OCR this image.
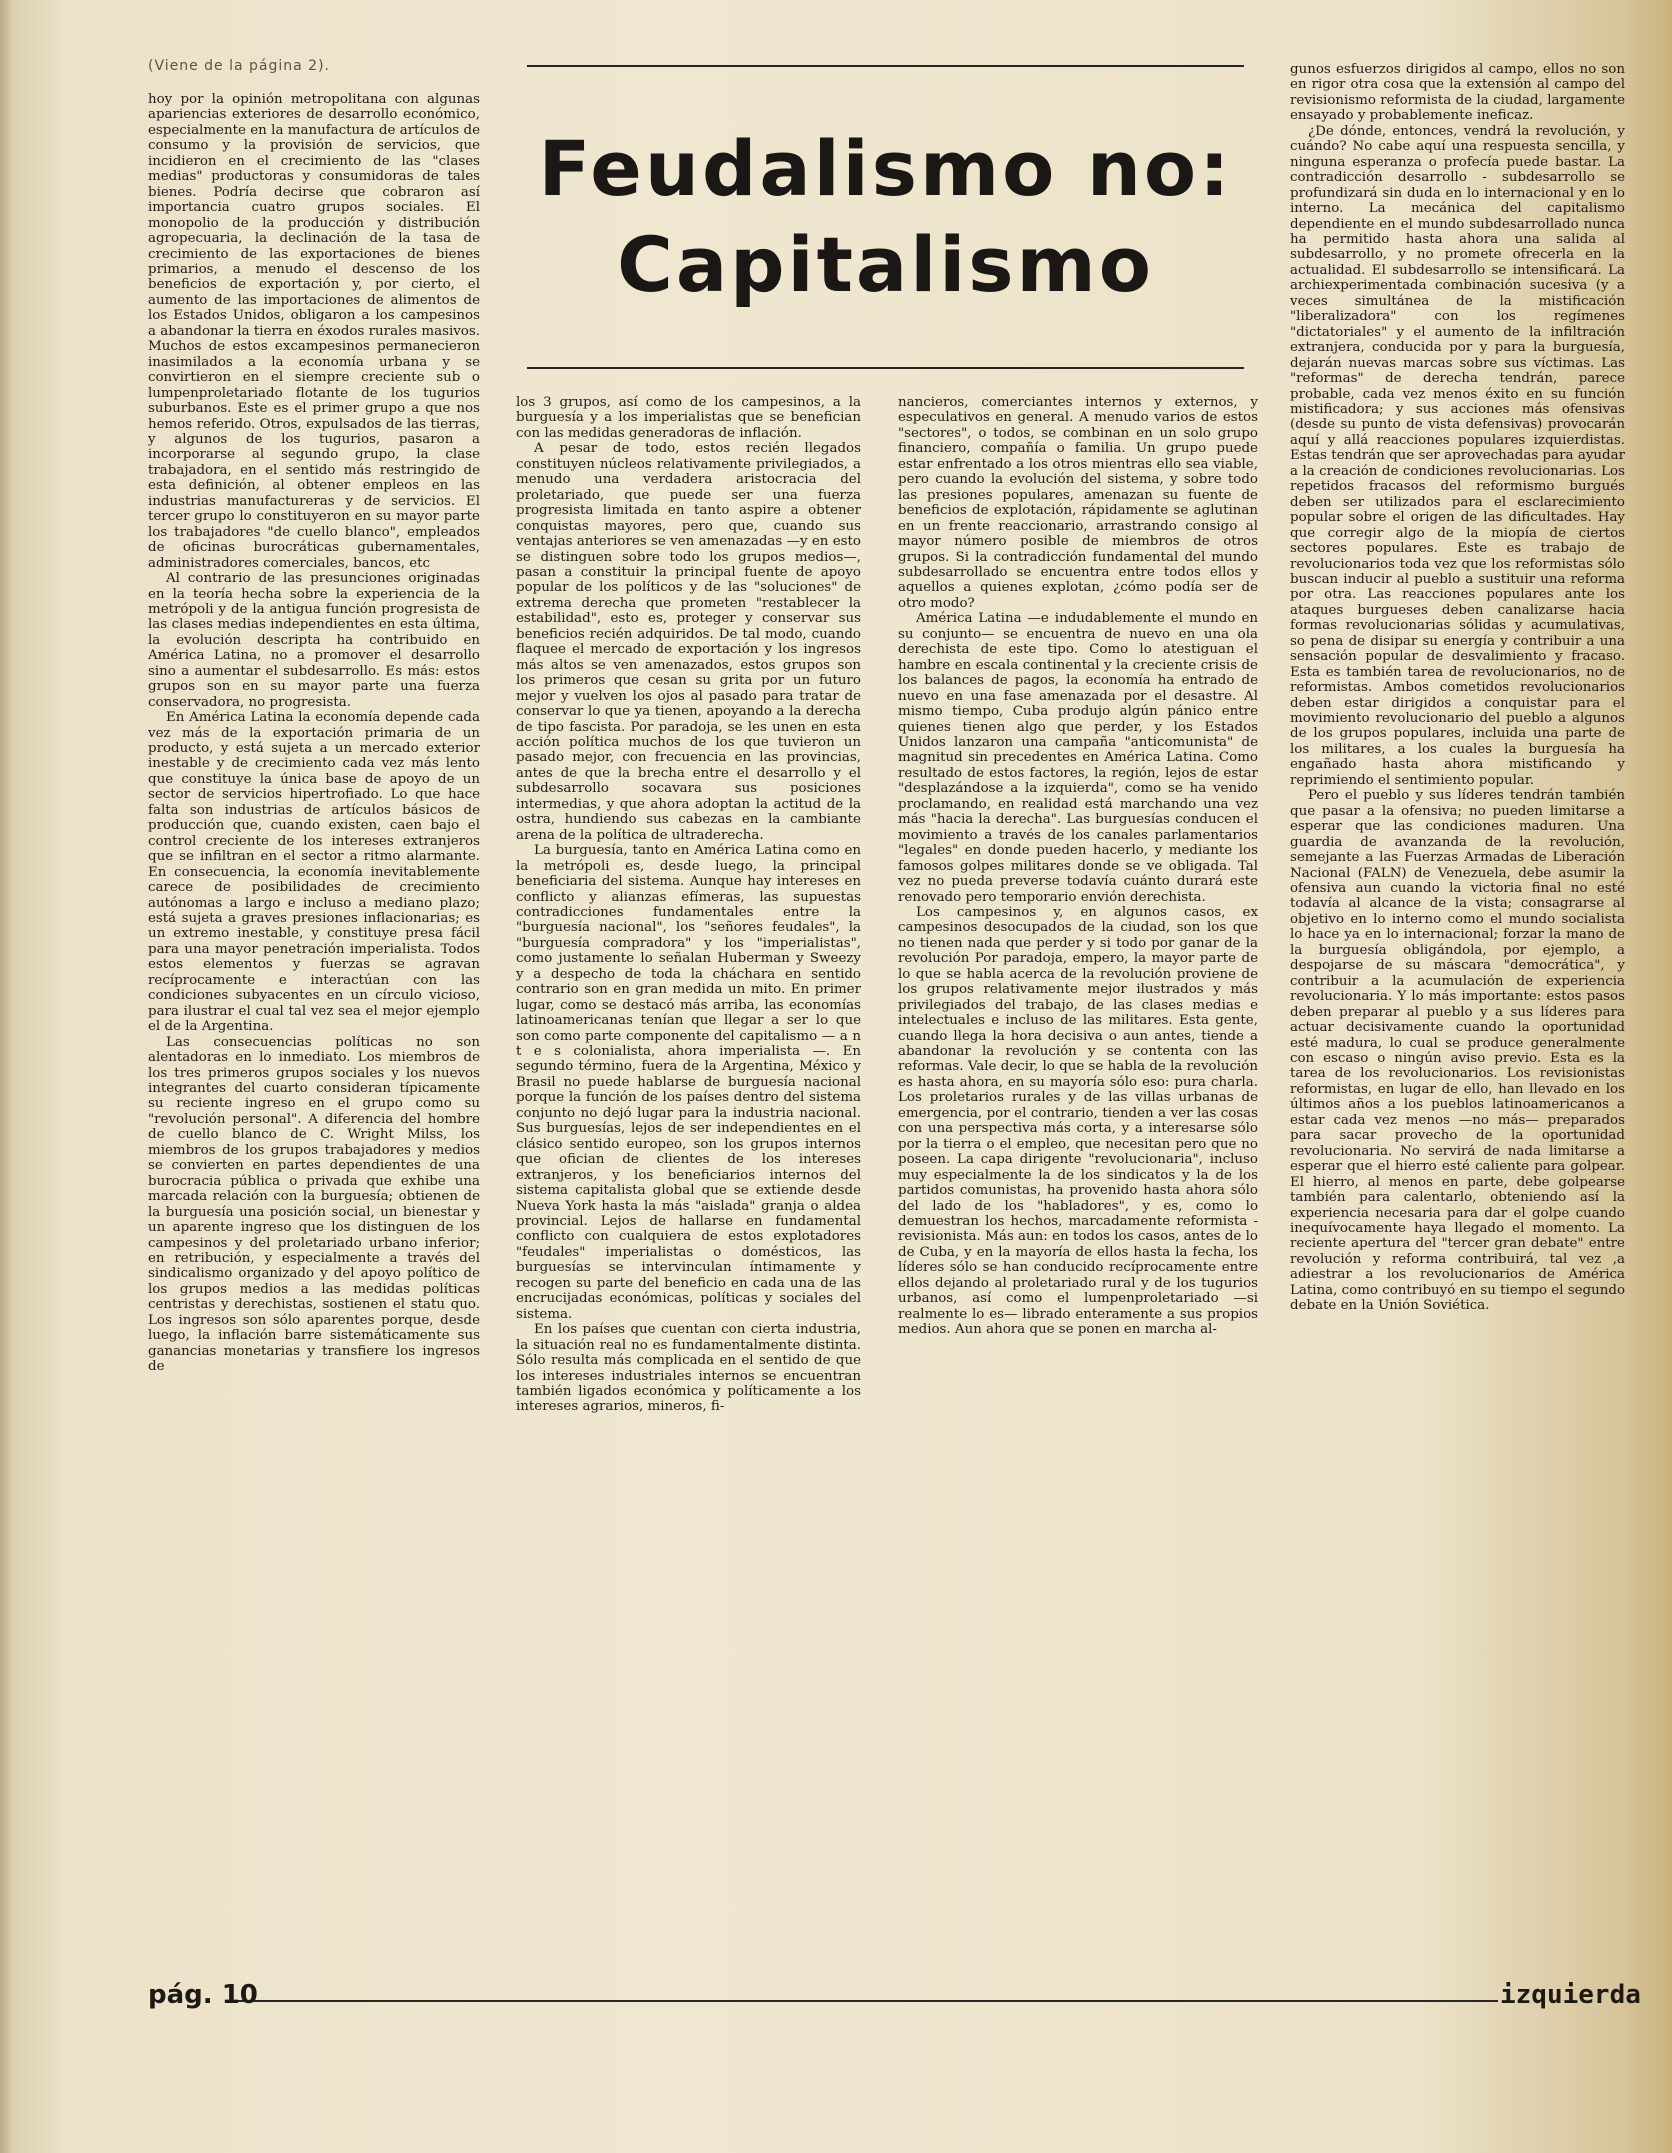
(Viene de la página 2).
Feudalismo no:
Capitalismo

hoy por la opinión metropolitana con algunas apariencias exteriores de desarrollo económico, especialmente en la manufactura de artículos de consumo y la provisión de servicios, que incidieron en el crecimiento de las "clases medias" productoras y consumidoras de tales bienes. Podría decirse que cobraron así importancia cuatro grupos sociales. El monopolio de la producción y distribución agropecuaria, la declinación de la tasa de crecimiento de las exportaciones de bienes primarios, a menudo el descenso de los beneficios de exportación y, por cierto, el aumento de las importaciones de alimentos de los Estados Unidos, obligaron a los campesinos a abandonar la tierra en éxodos rurales masivos. Muchos de estos excampesinos permanecieron inasimilados a la economía urbana y se convirtieron en el siempre creciente sub o lumpenproletariado flotante de los tugurios suburbanos. Este es el primer grupo a que nos hemos referido. Otros, expulsados de las tierras, y algunos de los tugurios, pasaron a incorporarse al segundo grupo, la clase trabajadora, en el sentido más restringido de esta definición, al obtener empleos en las industrias manufactureras y de servicios. El tercer grupo lo constituyeron en su mayor parte los trabajadores "de cuello blanco", empleados de oficinas burocráticas gubernamentales, administradores comerciales, bancos, etc

Al contrario de las presunciones originadas en la teoría hecha sobre la experiencia de la metrópoli y de la antigua función progresista de las clases medias independientes en esta última, la evolución descripta ha contribuido en América Latina, no a promover el desarrollo sino a aumentar el subdesarrollo. Es más: estos grupos son en su mayor parte una fuerza conservadora, no progresista.

En América Latina la economía depende cada vez más de la exportación primaria de un producto, y está sujeta a un mercado exterior inestable y de crecimiento cada vez más lento que constituye la única base de apoyo de un sector de servicios hipertrofiado. Lo que hace falta son industrias de artículos básicos de producción que, cuando existen, caen bajo el control creciente de los intereses extranjeros que se infiltran en el sector a ritmo alarmante. En consecuencia, la economía inevitablemente carece de posibilidades de crecimiento autónomas a largo e incluso a mediano plazo; está sujeta a graves presiones inflacionarias; es un extremo inestable, y constituye presa fácil para una mayor penetración imperialista. Todos estos elementos y fuerzas se agravan recíprocamente e interactúan con las condiciones subyacentes en un círculo vicioso, para ilustrar el cual tal vez sea el mejor ejemplo el de la Argentina.

Las consecuencias políticas no son alentadoras en lo inmediato. Los miembros de los tres primeros grupos sociales y los nuevos integrantes del cuarto consideran típicamente su reciente ingreso en el grupo como su "revolución personal". A diferencia del hombre de cuello blanco de C. Wright Milss, los miembros de los grupos trabajadores y medios se convierten en partes dependientes de una burocracia pública o privada que exhibe una marcada relación con la burguesía; obtienen de la burguesía una posición social, un bienestar y un aparente ingreso que los distinguen de los campesinos y del proletariado urbano inferior; en retribución, y especialmente a través del sindicalismo organizado y del apoyo político de los grupos medios a las medidas políticas centristas y derechistas, sostienen el statu quo. Los ingresos son sólo aparentes porque, desde luego, la inflación barre sistemáticamente sus ganancias monetarias y transfiere los ingresos de

los 3 grupos, así como de los campesinos, a la burguesía y a los imperialistas que se benefician con las medidas generadoras de inflación.

A pesar de todo, estos recién llegados constituyen núcleos relativamente privilegiados, a menudo una verdadera aristocracia del proletariado, que puede ser una fuerza progresista limitada en tanto aspire a obtener conquistas mayores, pero que, cuando sus ventajas anteriores se ven amenazadas —y en esto se distinguen sobre todo los grupos medios—, pasan a constituir la principal fuente de apoyo popular de los políticos y de las "soluciones" de extrema derecha que prometen "restablecer la estabilidad", esto es, proteger y conservar sus beneficios recién adquiridos. De tal modo, cuando flaquee el mercado de exportación y los ingresos más altos se ven amenazados, estos grupos son los primeros que cesan su grita por un futuro mejor y vuelven los ojos al pasado para tratar de conservar lo que ya tienen, apoyando a la derecha de tipo fascista. Por paradoja, se les unen en esta acción política muchos de los que tuvieron un pasado mejor, con frecuencia en las provincias, antes de que la brecha entre el desarrollo y el subdesarrollo socavara sus posiciones intermedias, y que ahora adoptan la actitud de la ostra, hundiendo sus cabezas en la cambiante arena de la política de ultraderecha.

La burguesía, tanto en América Latina como en la metrópoli es, desde luego, la principal beneficiaria del sistema. Aunque hay intereses en conflicto y alianzas efímeras, las supuestas contradicciones fundamentales entre la "burguesía nacional", los "señores feudales", la "burguesía compradora" y los "imperialistas", como justamente lo señalan Huberman y Sweezy y a despecho de toda la cháchara en sentido contrario son en gran medida un mito. En primer lugar, como se destacó más arriba, las economías latinoamericanas tenían que llegar a ser lo que son como parte componente del capitalismo — a n t e s colonialista, ahora imperialista —. En segundo término, fuera de la Argentina, México y Brasil no puede hablarse de burguesía nacional porque la función de los países dentro del sistema conjunto no dejó lugar para la industria nacional. Sus burguesías, lejos de ser independientes en el clásico sentido europeo, son los grupos internos que ofician de clientes de los intereses extranjeros, y los beneficiarios internos del sistema capitalista global que se extiende desde Nueva York hasta la más "aislada" granja o aldea provincial. Lejos de hallarse en fundamental conflicto con cualquiera de estos explotadores "feudales" imperialistas o domésticos, las burguesías se intervinculan íntimamente y recogen su parte del beneficio en cada una de las encrucijadas económicas, políticas y sociales del sistema.

En los países que cuentan con cierta industria, la situación real no es fundamentalmente distinta. Sólo resulta más complicada en el sentido de que los intereses industriales internos se encuentran también ligados económica y políticamente a los intereses agrarios, mineros, fi-

nancieros, comerciantes internos y externos, y especulativos en general. A menudo varios de estos "sectores", o todos, se combinan en un solo grupo financiero, compañía o familia. Un grupo puede estar enfrentado a los otros mientras ello sea viable, pero cuando la evolución del sistema, y sobre todo las presiones populares, amenazan su fuente de beneficios de explotación, rápidamente se aglutinan en un frente reaccionario, arrastrando consigo al mayor número posible de miembros de otros grupos. Si la contradicción fundamental del mundo subdesarrollado se encuentra entre todos ellos y aquellos a quienes explotan, ¿cómo podía ser de otro modo?

América Latina —e indudablemente el mundo en su conjunto— se encuentra de nuevo en una ola derechista de este tipo. Como lo atestiguan el hambre en escala continental y la creciente crisis de los balances de pagos, la economía ha entrado de nuevo en una fase amenazada por el desastre. Al mismo tiempo, Cuba produjo algún pánico entre quienes tienen algo que perder, y los Estados Unidos lanzaron una campaña "anticomunista" de magnitud sin precedentes en América Latina. Como resultado de estos factores, la región, lejos de estar "desplazándose a la izquierda", como se ha venido proclamando, en realidad está marchando una vez más "hacia la derecha". Las burguesías conducen el movimiento a través de los canales parlamentarios "legales" en donde pueden hacerlo, y mediante los famosos golpes militares donde se ve obligada. Tal vez no pueda preverse todavía cuánto durará este renovado pero temporario envión derechista.

Los campesinos y, en algunos casos, ex campesinos desocupados de la ciudad, son los que no tienen nada que perder y si todo por ganar de la revolución Por paradoja, empero, la mayor parte de lo que se habla acerca de la revolución proviene de los grupos relativamente mejor ilustrados y más privilegiados del trabajo, de las clases medias e intelectuales e incluso de las militares. Esta gente, cuando llega la hora decisiva o aun antes, tiende a abandonar la revolución y se contenta con las reformas. Vale decir, lo que se habla de la revolución es hasta ahora, en su mayoría sólo eso: pura charla. Los proletarios rurales y de las villas urbanas de emergencia, por el contrario, tienden a ver las cosas con una perspectiva más corta, y a interesarse sólo por la tierra o el empleo, que necesitan pero que no poseen. La capa dirigente "revolucionaria", incluso muy especialmente la de los sindicatos y la de los partidos comunistas, ha provenido hasta ahora sólo del lado de los "habladores", y es, como lo demuestran los hechos, marcadamente reformista - revisionista. Más aun: en todos los casos, antes de lo de Cuba, y en la mayoría de ellos hasta la fecha, los líderes sólo se han conducido recíprocamente entre ellos dejando al proletariado rural y de los tugurios urbanos, así como el lumpenproletariado —si realmente lo es— librado enteramente a sus propios medios. Aun ahora que se ponen en marcha al-

gunos esfuerzos dirigidos al campo, ellos no son en rigor otra cosa que la extensión al campo del revisionismo reformista de la ciudad, largamente ensayado y probablemente ineficaz.

¿De dónde, entonces, vendrá la revolución, y cuándo? No cabe aquí una respuesta sencilla, y ninguna esperanza o profecía puede bastar. La contradicción desarrollo - subdesarrollo se profundizará sin duda en lo internacional y en lo interno. La mecánica del capitalismo dependiente en el mundo subdesarrollado nunca ha permitido hasta ahora una salida al subdesarrollo, y no promete ofrecerla en la actualidad. El subdesarrollo se intensificará. La archiexperimentada combinación sucesiva (y a veces simultánea de la mistificación "liberalizadora" con los regímenes "dictatoriales" y el aumento de la infiltración extranjera, conducida por y para la burguesía, dejarán nuevas marcas sobre sus víctimas. Las "reformas" de derecha tendrán, parece probable, cada vez menos éxito en su función mistificadora; y sus acciones más ofensivas (desde su punto de vista defensivas) provocarán aquí y allá reacciones populares izquierdistas. Estas tendrán que ser aprovechadas para ayudar a la creación de condiciones revolucionarias. Los repetidos fracasos del reformismo burgués deben ser utilizados para el esclarecimiento popular sobre el origen de las dificultades. Hay que corregir algo de la miopía de ciertos sectores populares. Este es trabajo de revolucionarios toda vez que los reformistas sólo buscan inducir al pueblo a sustituir una reforma por otra. Las reacciones populares ante los ataques burgueses deben canalizarse hacia formas revolucionarias sólidas y acumulativas, so pena de disipar su energía y contribuir a una sensación popular de desvalimiento y fracaso. Esta es también tarea de revolucionarios, no de reformistas. Ambos cometidos revolucionarios deben estar dirigidos a conquistar para el movimiento revolucionario del pueblo a algunos de los grupos populares, incluida una parte de los militares, a los cuales la burguesía ha engañado hasta ahora mistificando y reprimiendo el sentimiento popular.

Pero el pueblo y sus líderes tendrán también que pasar a la ofensiva; no pueden limitarse a esperar que las condiciones maduren. Una guardia de avanzanda de la revolución, semejante a las Fuerzas Armadas de Liberación Nacional (FALN) de Venezuela, debe asumir la ofensiva aun cuando la victoria final no esté todavía al alcance de la vista; consagrarse al objetivo en lo interno como el mundo socialista lo hace ya en lo internacional; forzar la mano de la burguesía obligándola, por ejemplo, a despojarse de su máscara "democrática", y contribuir a la acumulación de experiencia revolucionaria. Y lo más importante: estos pasos deben preparar al pueblo y a sus líderes para actuar decisivamente cuando la oportunidad esté madura, lo cual se produce generalmente con escaso o ningún aviso previo. Esta es la tarea de los revolucionarios. Los revisionistas reformistas, en lugar de ello, han llevado en los últimos años a los pueblos latinoamericanos a estar cada vez menos —no más— preparados para sacar provecho de la oportunidad revolucionaria. No servirá de nada limitarse a esperar que el hierro esté caliente para golpear. El hierro, al menos en parte, debe golpearse también para calentarlo, obteniendo así la experiencia necesaria para dar el golpe cuando inequívocamente haya llegado el momento. La reciente apertura del "tercer gran debate" entre revolución y reforma contribuirá, tal vez ,a adiestrar a los revolucionarios de América Latina, como contribuyó en su tiempo el segundo debate en la Unión Soviética.

pág. 10	izquierda
